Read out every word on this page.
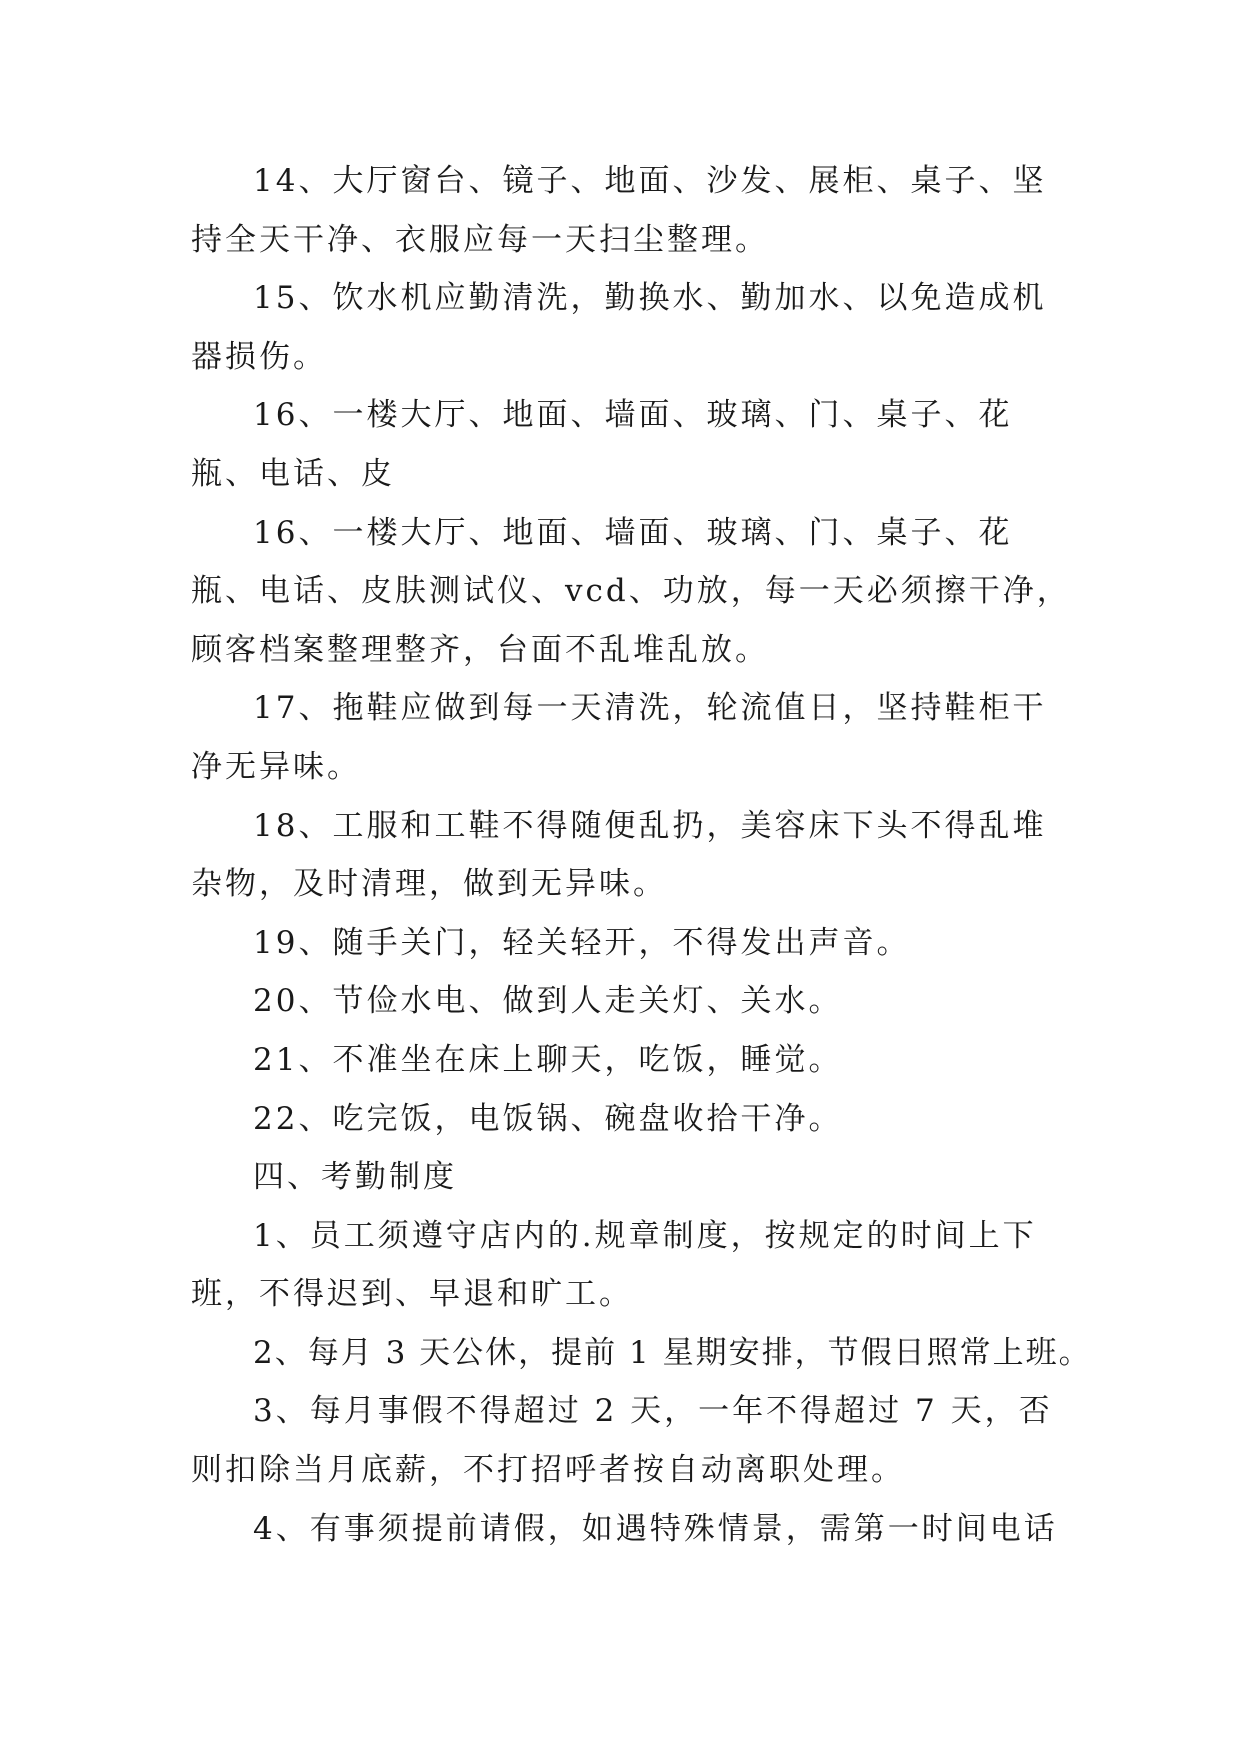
14、大厅窗台、镜子、地面、沙发、展柜、桌子、坚持全天干净、衣服应每一天扫尘整理。

15、饮水机应勤清洗，勤换水、勤加水、以免造成机器损伤。

16、一楼大厅、地面、墙面、玻璃、门、桌子、花瓶、电话、皮

16、一楼大厅、地面、墙面、玻璃、门、桌子、花瓶、电话、皮肤测试仪、vcd、功放，每一天必须擦干净，顾客档案整理整齐，台面不乱堆乱放。

17、拖鞋应做到每一天清洗，轮流值日，坚持鞋柜干净无异味。

18、工服和工鞋不得随便乱扔，美容床下头不得乱堆杂物，及时清理，做到无异味。

19、随手关门，轻关轻开，不得发出声音。

20、节俭水电、做到人走关灯、关水。

21、不准坐在床上聊天，吃饭，睡觉。

22、吃完饭，电饭锅、碗盘收拾干净。

四、考勤制度

1、员工须遵守店内的.规章制度，按规定的时间上下班，不得迟到、早退和旷工。

2、每月 3 天公休，提前 1 星期安排，节假日照常上班。

3、每月事假不得超过 2 天，一年不得超过 7 天，否则扣除当月底薪，不打招呼者按自动离职处理。

4、有事须提前请假，如遇特殊情景，需第一时间电话
